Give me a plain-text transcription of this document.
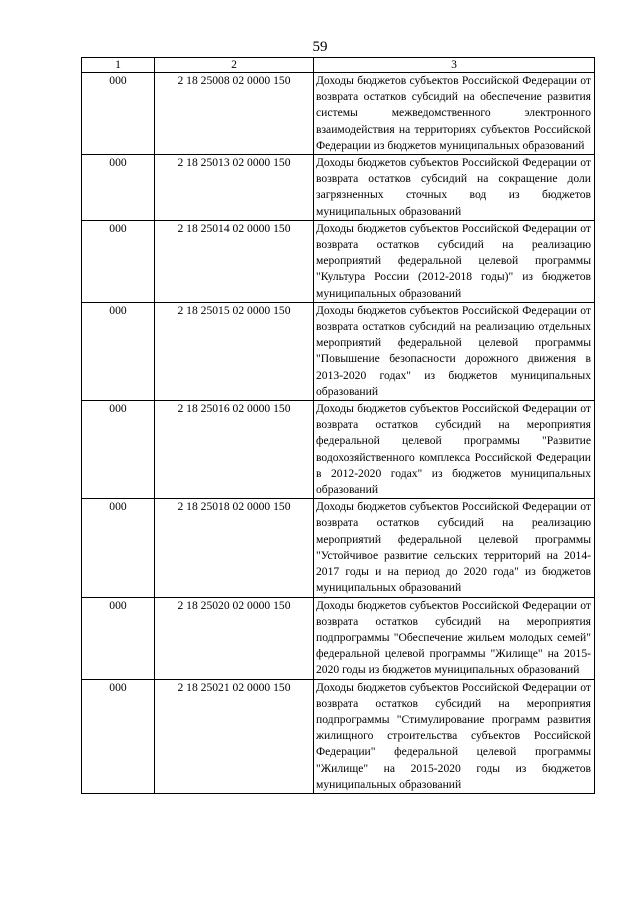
59
1	2	3
000	2 18 25008 02 0000 150	Доходы бюджетов субъектов Российской Федерации от возврата остатков субсидий на обеспечение развития системы межведомственного электронного взаимодействия на территориях субъектов Российской Федерации из бюджетов муниципальных образований
000	2 18 25013 02 0000 150	Доходы бюджетов субъектов Российской Федерации от возврата остатков субсидий на сокращение доли загрязненных сточных вод из бюджетов муниципальных образований
000	2 18 25014 02 0000 150	Доходы бюджетов субъектов Российской Федерации от возврата остатков субсидий на реализацию мероприятий федеральной целевой программы "Культура России (2012-2018 годы)" из бюджетов муниципальных образований
000	2 18 25015 02 0000 150	Доходы бюджетов субъектов Российской Федерации от возврата остатков субсидий на реализацию отдельных мероприятий федеральной целевой программы "Повышение безопасности дорожного движения в 2013-2020 годах" из бюджетов муниципальных образований
000	2 18 25016 02 0000 150	Доходы бюджетов субъектов Российской Федерации от возврата остатков субсидий на мероприятия федеральной целевой программы "Развитие водохозяйственного комплекса Российской Федерации в 2012-2020 годах" из бюджетов муниципальных образований
000	2 18 25018 02 0000 150	Доходы бюджетов субъектов Российской Федерации от возврата остатков субсидий на реализацию мероприятий федеральной целевой программы "Устойчивое развитие сельских территорий на 2014-2017 годы и на период до 2020 года" из бюджетов муниципальных образований
000	2 18 25020 02 0000 150	Доходы бюджетов субъектов Российской Федерации от возврата остатков субсидий на мероприятия подпрограммы "Обеспечение жильем молодых семей" федеральной целевой программы "Жилище" на 2015-2020 годы из бюджетов муниципальных образований
000	2 18 25021 02 0000 150	Доходы бюджетов субъектов Российской Федерации от возврата остатков субсидий на мероприятия подпрограммы "Стимулирование программ развития жилищного строительства субъектов Российской Федерации" федеральной целевой программы "Жилище" на 2015-2020 годы из бюджетов муниципальных образований
